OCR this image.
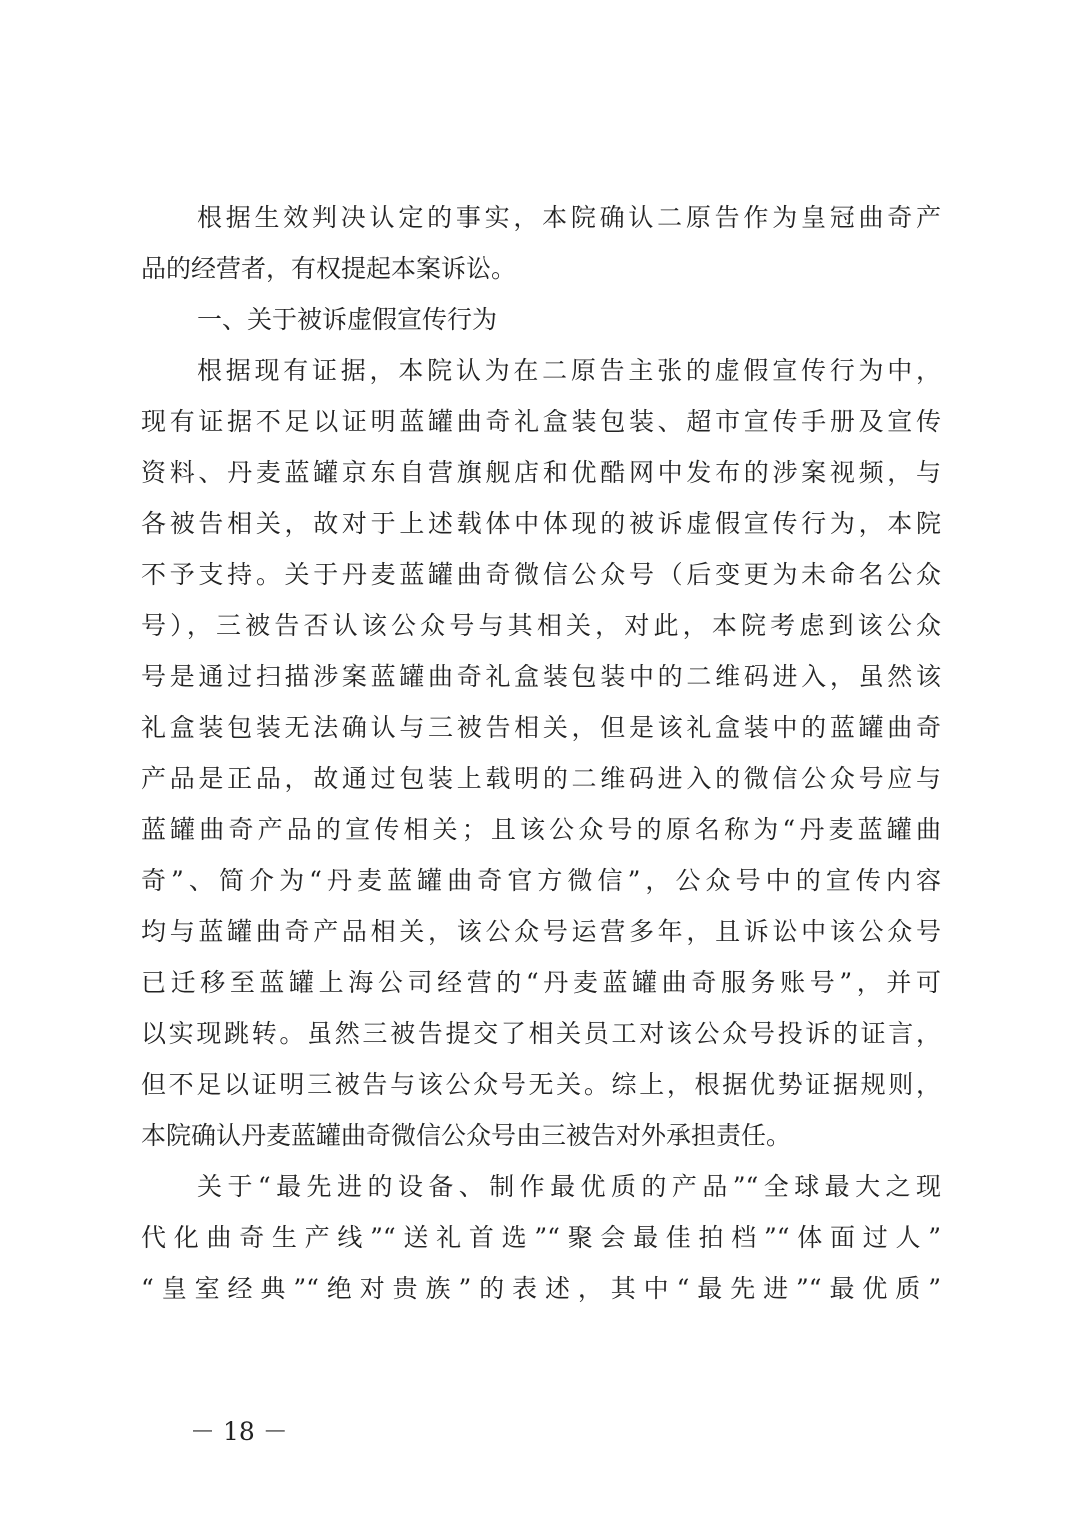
根据生效判决认定的事实，本院确认二原告作为皇冠曲奇产
品的经营者，有权提起本案诉讼。
一、关于被诉虚假宣传行为
根据现有证据，本院认为在二原告主张的虚假宣传行为中，
现有证据不足以证明蓝罐曲奇礼盒装包装、超市宣传手册及宣传
资料、丹麦蓝罐京东自营旗舰店和优酷网中发布的涉案视频，与
各被告相关，故对于上述载体中体现的被诉虚假宣传行为，本院
不予支持。关于丹麦蓝罐曲奇微信公众号（后变更为未命名公众
号），三被告否认该公众号与其相关，对此，本院考虑到该公众
号是通过扫描涉案蓝罐曲奇礼盒装包装中的二维码进入，虽然该
礼盒装包装无法确认与三被告相关，但是该礼盒装中的蓝罐曲奇
产品是正品，故通过包装上载明的二维码进入的微信公众号应与
蓝罐曲奇产品的宣传相关；且该公众号的原名称为“丹麦蓝罐曲
奇”、简介为“丹麦蓝罐曲奇官方微信”，公众号中的宣传内容
均与蓝罐曲奇产品相关，该公众号运营多年，且诉讼中该公众号
已迁移至蓝罐上海公司经营的“丹麦蓝罐曲奇服务账号”，并可
以实现跳转。虽然三被告提交了相关员工对该公众号投诉的证言，
但不足以证明三被告与该公众号无关。综上，根据优势证据规则，
本院确认丹麦蓝罐曲奇微信公众号由三被告对外承担责任。
关于“最先进的设备、制作最优质的产品”“全球最大之现
代化曲奇生产线”“送礼首选”“聚会最佳拍档”“体面过人”
“皇室经典”“绝对贵族”的表述，其中“最先进”“最优质”
－ 18 －
